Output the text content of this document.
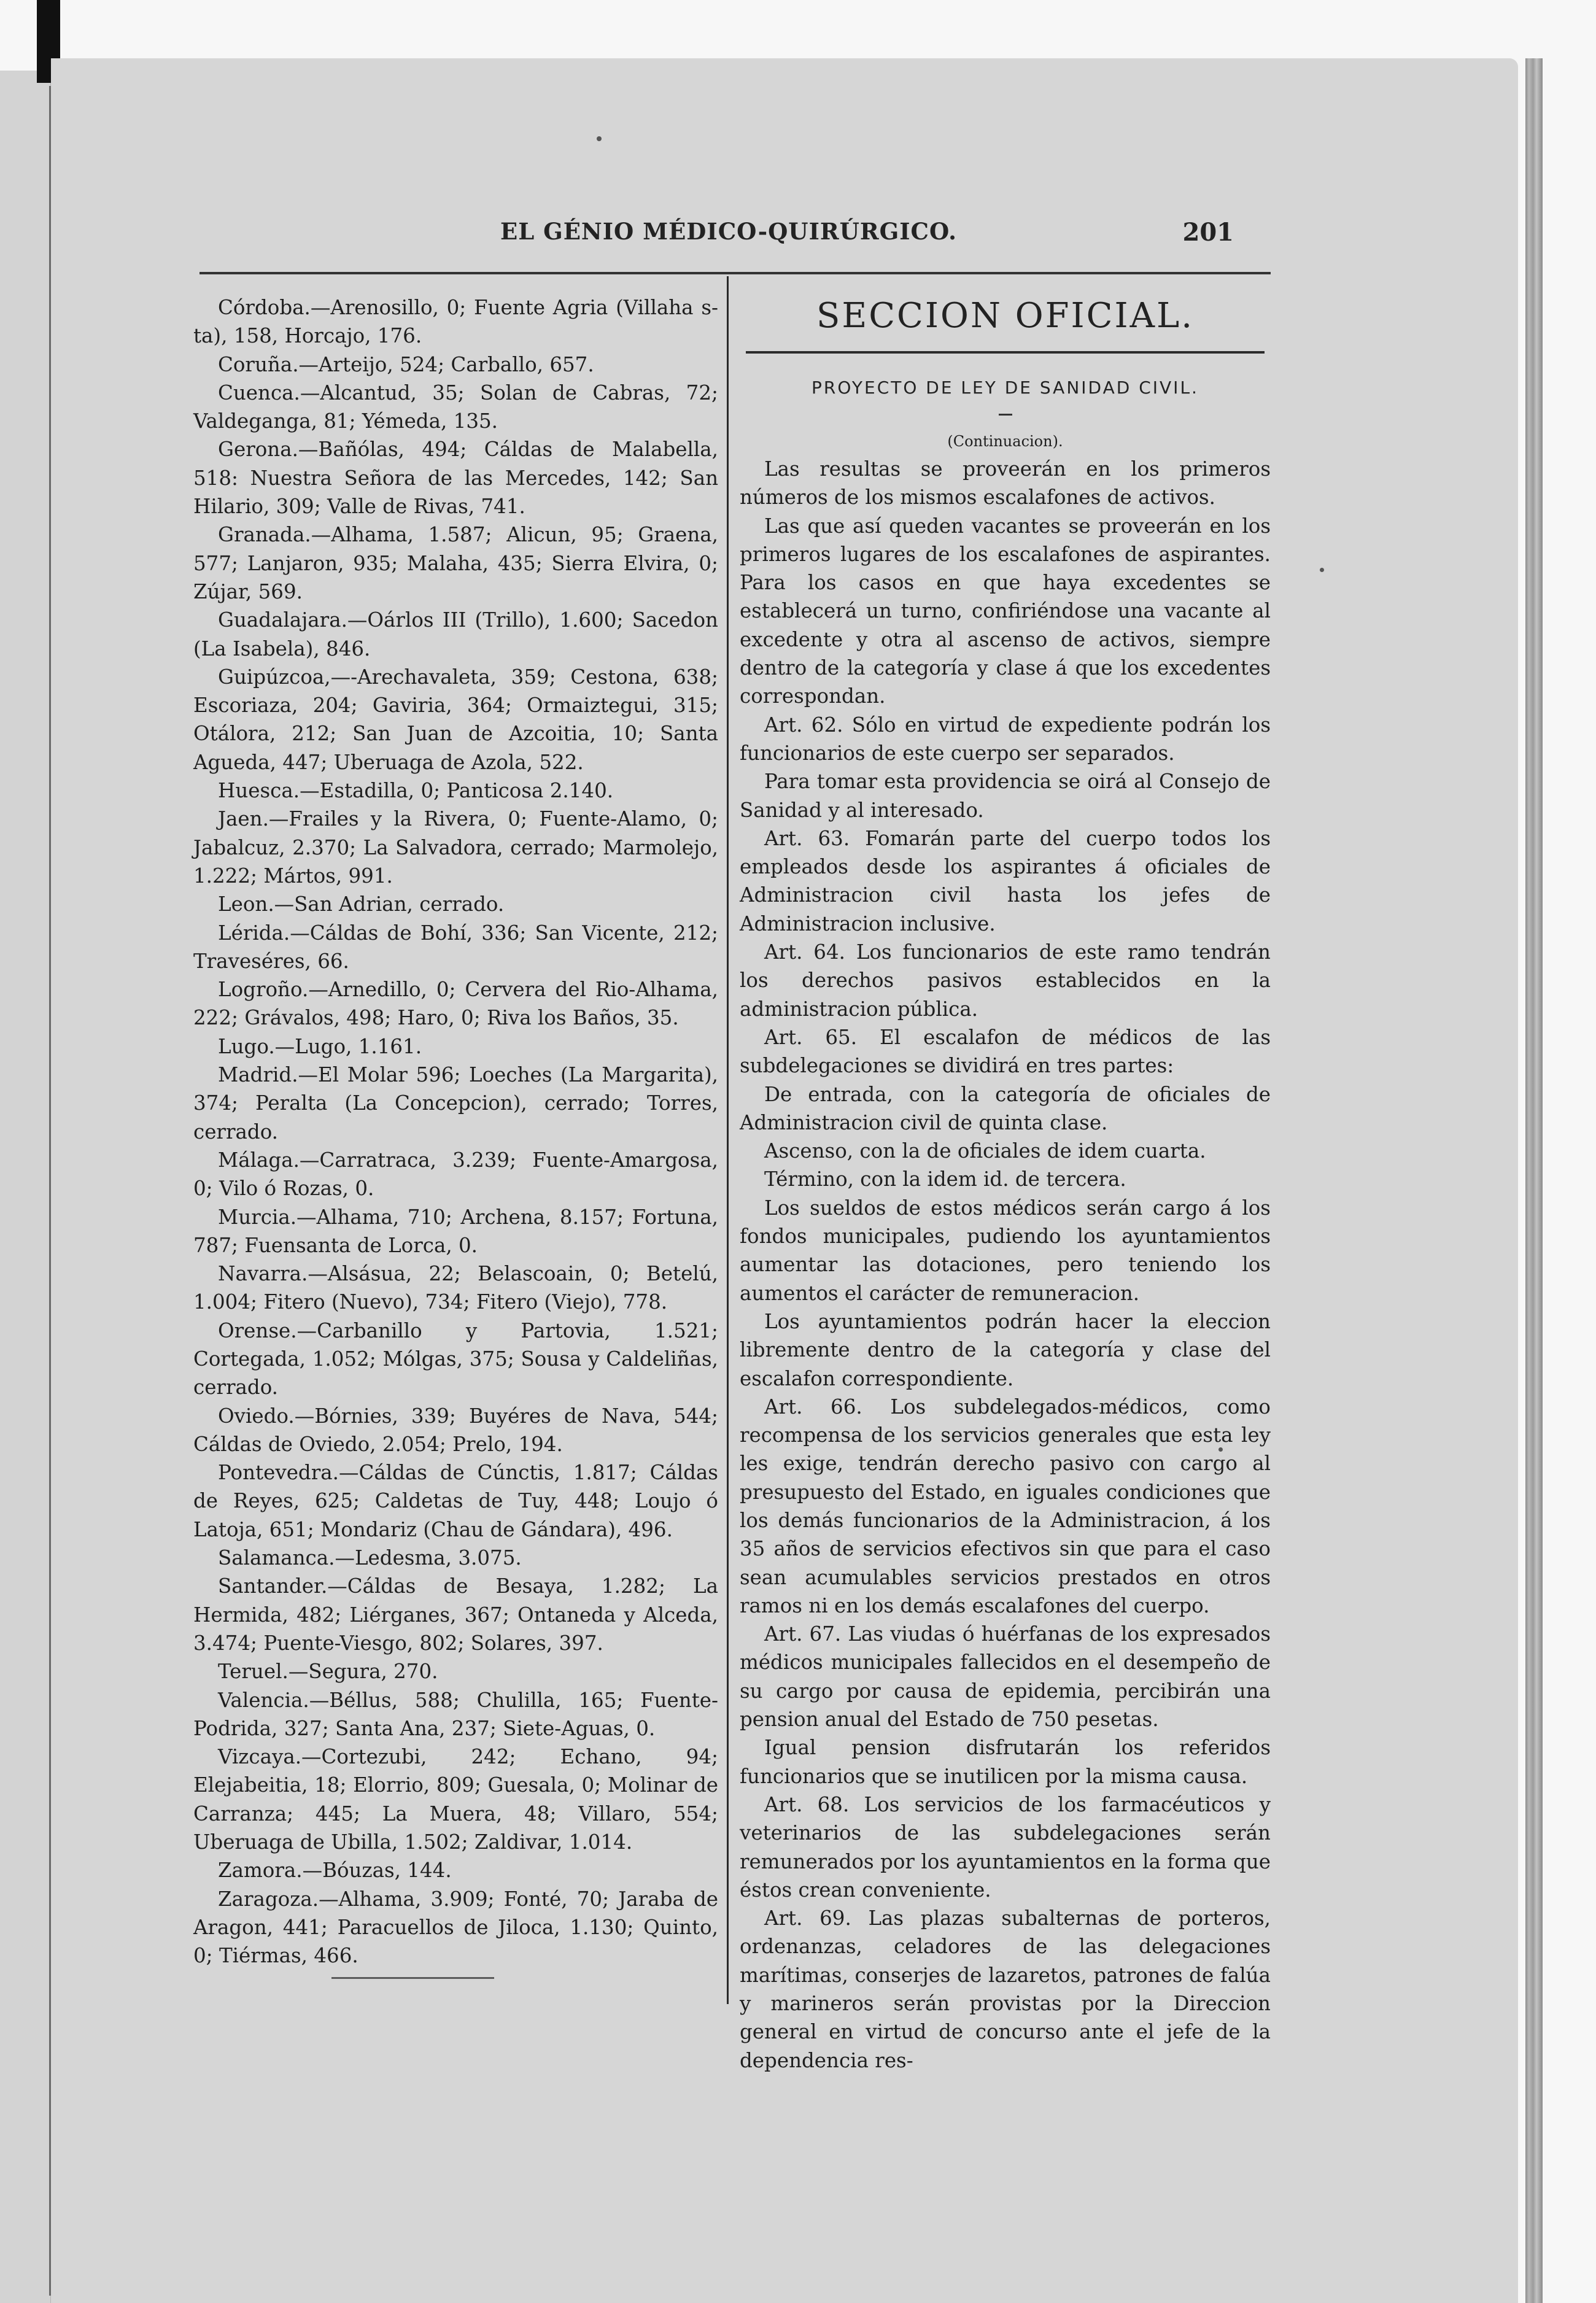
EL GÉNIO MÉDICO-QUIRÚRGICO.	201

Córdoba.—Arenosillo, 0; Fuente Agria (Villaha sta), 158, Horcajo, 176.

Coruña.—Arteijo, 524; Carballo, 657.

Cuenca.—Alcantud, 35; Solan de Cabras, 72; Valdeganga, 81; Yémeda, 135.

Gerona.—Bañólas, 494; Cáldas de Malabella, 518: Nuestra Señora de las Mercedes, 142; San Hilario, 309; Valle de Rivas, 741.

Granada.—Alhama, 1.587; Alicun, 95; Graena, 577; Lanjaron, 935; Malaha, 435; Sierra Elvira, 0; Zújar, 569.

Guadalajara.—Oárlos III (Trillo), 1.600; Sacedon (La Isabela), 846.

Guipúzcoa,—-Arechavaleta, 359; Cestona, 638; Escoriaza, 204; Gaviria, 364; Ormaiztegui, 315; Otálora, 212; San Juan de Azcoitia, 10; Santa Agueda, 447; Uberuaga de Azola, 522.

Huesca.—Estadilla, 0; Panticosa 2.140.

Jaen.—Frailes y la Rivera, 0; Fuente-Alamo, 0; Jabalcuz, 2.370; La Salvadora, cerrado; Marmolejo, 1.222; Mártos, 991.

Leon.—San Adrian, cerrado.

Lérida.—Cáldas de Bohí, 336; San Vicente, 212; Traveséres, 66.

Logroño.—Arnedillo, 0; Cervera del Rio-Alhama, 222; Grávalos, 498; Haro, 0; Riva los Baños, 35.

Lugo.—Lugo, 1.161.

Madrid.—El Molar 596; Loeches (La Margarita), 374; Peralta (La Concepcion), cerrado; Torres, cerrado.

Málaga.—Carratraca, 3.239; Fuente-Amargosa, 0; Vilo ó Rozas, 0.

Murcia.—Alhama, 710; Archena, 8.157; Fortuna, 787; Fuensanta de Lorca, 0.

Navarra.—Alsásua, 22; Belascoain, 0; Betelú, 1.004; Fitero (Nuevo), 734; Fitero (Viejo), 778.

Orense.—Carbanillo y Partovia, 1.521; Cortegada, 1.052; Mólgas, 375; Sousa y Caldeliñas, cerrado.

Oviedo.—Bórnies, 339; Buyéres de Nava, 544; Cáldas de Oviedo, 2.054; Prelo, 194.

Pontevedra.—Cáldas de Cúnctis, 1.817; Cáldas de Reyes, 625; Caldetas de Tuy, 448; Loujo ó Latoja, 651; Mondariz (Chau de Gándara), 496.

Salamanca.—Ledesma, 3.075.

Santander.—Cáldas de Besaya, 1.282; La Hermida, 482; Liérganes, 367; Ontaneda y Alceda, 3.474; Puente-Viesgo, 802; Solares, 397.

Teruel.—Segura, 270.

Valencia.—Béllus, 588; Chulilla, 165; Fuente-Podrida, 327; Santa Ana, 237; Siete-Aguas, 0.

Vizcaya.—Cortezubi, 242; Echano, 94; Elejabeitia, 18; Elorrio, 809; Guesala, 0; Molinar de Carranza; 445; La Muera, 48; Villaro, 554; Uberuaga de Ubilla, 1.502; Zaldivar, 1.014.

Zamora.—Bóuzas, 144.

Zaragoza.—Alhama, 3.909; Fonté, 70; Jaraba de Aragon, 441; Paracuellos de Jiloca, 1.130; Quinto, 0; Tiérmas, 466.

SECCION OFICIAL.
PROYECTO DE LEY DE SANIDAD CIVIL.
(Continuacion).

Las resultas se proveerán en los primeros números de los mismos escalafones de activos.

Las que así queden vacantes se proveerán en los primeros lugares de los escalafones de aspirantes. Para los casos en que haya excedentes se establecerá un turno, confiriéndose una vacante al excedente y otra al ascenso de activos, siempre dentro de la categoría y clase á que los excedentes correspondan.

Art. 62. Sólo en virtud de expediente podrán los funcionarios de este cuerpo ser separados.

Para tomar esta providencia se oirá al Consejo de Sanidad y al interesado.

Art. 63. Fomarán parte del cuerpo todos los empleados desde los aspirantes á oficiales de Administracion civil hasta los jefes de Administracion inclusive.

Art. 64. Los funcionarios de este ramo tendrán los derechos pasivos establecidos en la administracion pública.

Art. 65. El escalafon de médicos de las subdelegaciones se dividirá en tres partes:

De entrada, con la categoría de oficiales de Administracion civil de quinta clase.

Ascenso, con la de oficiales de idem cuarta.

Término, con la idem id. de tercera.

Los sueldos de estos médicos serán cargo á los fondos municipales, pudiendo los ayuntamientos aumentar las dotaciones, pero teniendo los aumentos el carácter de remuneracion.

Los ayuntamientos podrán hacer la eleccion libremente dentro de la categoría y clase del escalafon correspondiente.

Art. 66. Los subdelegados-médicos, como recompensa de los servicios generales que esta ley les exige, tendrán derecho pasivo con cargo al presupuesto del Estado, en iguales condiciones que los demás funcionarios de la Administracion, á los 35 años de servicios efectivos sin que para el caso sean acumulables servicios prestados en otros ramos ni en los demás escalafones del cuerpo.

Art. 67. Las viudas ó huérfanas de los expresados médicos municipales fallecidos en el desempeño de su cargo por causa de epidemia, percibirán una pension anual del Estado de 750 pesetas.

Igual pension disfrutarán los referidos funcionarios que se inutilicen por la misma causa.

Art. 68. Los servicios de los farmacéuticos y veterinarios de las subdelegaciones serán remunerados por los ayuntamientos en la forma que éstos crean conveniente.

Art. 69. Las plazas subalternas de porteros, ordenanzas, celadores de las delegaciones marítimas, conserjes de lazaretos, patrones de falúa y marineros serán provistas por la Direccion general en virtud de concurso ante el jefe de la dependencia res-
